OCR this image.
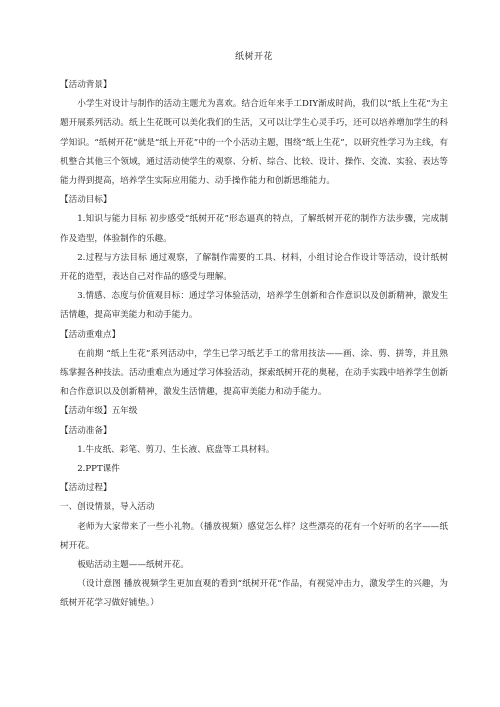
纸树开花

【活动背景】

小学生对设计与制作的活动主题尤为喜欢。结合近年来手工DIY渐成时尚，我们以“纸上生花”为主题开展系列活动。纸上生花既可以美化我们的生活，又可以让学生心灵手巧，还可以培养增加学生的科学知识。“纸树开花”就是“纸上开花”中的一个小活动主题，围绕“纸上生花”，以研究性学习为主线，有机整合其他三个领域，通过活动使学生的观察、分析、综合、比较、设计、操作、交流、实验、表达等能力得到提高，培养学生实际应用能力、动手操作能力和创新思维能力。

【活动目标】

1.知识与能力目标 初步感受“纸树开花”形态逼真的特点，了解纸树开花的制作方法步骤，完成制作及造型，体验制作的乐趣。

2.过程与方法目标 通过观察，了解制作需要的工具、材料，小组讨论合作设计等活动，设计纸树开花的造型，表达自己对作品的感受与理解。

3.情感、态度与价值观目标：通过学习体验活动，培养学生创新和合作意识以及创新精神，激发生活情趣，提高审美能力和动手能力。

【活动重难点】

在前期 “纸上生花”系列活动中，学生已学习纸艺手工的常用技法——画、涂、剪、拼等，并且熟练掌握各种技法。活动重难点为通过学习体验活动，探索纸树开花的奥秘，在动手实践中培养学生创新和合作意识以及创新精神，激发生活情趣，提高审美能力和动手能力。

【活动年级】五年级

【活动准备】

1.牛皮纸、彩笔、剪刀、生长液、底盘等工具材料。

2.PPT课件

【活动过程】

一、创设情景，导入活动

老师为大家带来了一些小礼物。（播放视频）感觉怎么样？这些漂亮的花有一个好听的名字——纸树开花。

板贴活动主题——纸树开花。

（设计意图 播放视频学生更加直观的看到“纸树开花”作品，有视觉冲击力，激发学生的兴趣，为纸树开花学习做好铺垫。）
